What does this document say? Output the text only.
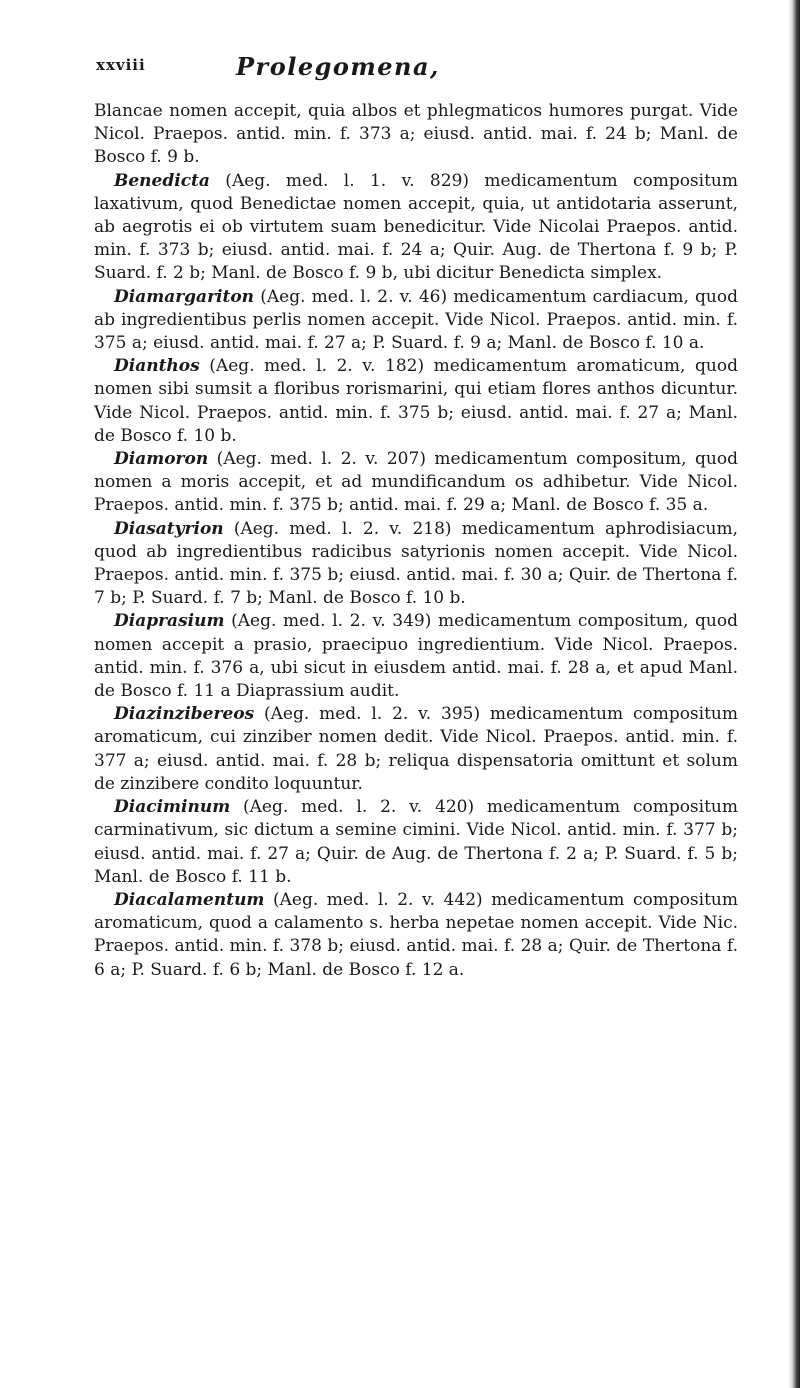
xxviii	Prolegomena,

Blancae nomen accepit, quia albos et phlegmaticos humores purgat. Vide Nicol. Praepos. antid. min. f. 373 a; eiusd. antid. mai. f. 24 b; Manl. de Bosco f. 9 b.

Benedicta (Aeg. med. l. 1. v. 829) medicamentum compositum laxativum, quod Benedictae nomen accepit, quia, ut antidotaria asserunt, ab aegrotis ei ob virtutem suam benedicitur. Vide Nicolai Praepos. antid. min. f. 373 b; eiusd. antid. mai. f. 24 a; Quir. Aug. de Thertona f. 9 b; P. Suard. f. 2 b; Manl. de Bosco f. 9 b, ubi dicitur Benedicta simplex.

Diamargariton (Aeg. med. l. 2. v. 46) medicamentum cardiacum, quod ab ingredientibus perlis nomen accepit. Vide Nicol. Praepos. antid. min. f. 375 a; eiusd. antid. mai. f. 27 a; P. Suard. f. 9 a; Manl. de Bosco f. 10 a.

Dianthos (Aeg. med. l. 2. v. 182) medicamentum aromaticum, quod nomen sibi sumsit a floribus rorismarini, qui etiam flores anthos dicuntur. Vide Nicol. Praepos. antid. min. f. 375 b; eiusd. antid. mai. f. 27 a; Manl. de Bosco f. 10 b.

Diamoron (Aeg. med. l. 2. v. 207) medicamentum compositum, quod nomen a moris accepit, et ad mundificandum os adhibetur. Vide Nicol. Praepos. antid. min. f. 375 b; antid. mai. f. 29 a; Manl. de Bosco f. 35 a.

Diasatyrion (Aeg. med. l. 2. v. 218) medicamentum aphrodisiacum, quod ab ingredientibus radicibus satyrionis nomen accepit. Vide Nicol. Praepos. antid. min. f. 375 b; eiusd. antid. mai. f. 30 a; Quir. de Thertona f. 7 b; P. Suard. f. 7 b; Manl. de Bosco f. 10 b.

Diaprasium (Aeg. med. l. 2. v. 349) medicamentum compositum, quod nomen accepit a prasio, praecipuo ingredientium. Vide Nicol. Praepos. antid. min. f. 376 a, ubi sicut in eiusdem antid. mai. f. 28 a, et apud Manl. de Bosco f. 11 a Diaprassium audit.

Diazinzibereos (Aeg. med. l. 2. v. 395) medicamentum compositum aromaticum, cui zinziber nomen dedit. Vide Nicol. Praepos. antid. min. f. 377 a; eiusd. antid. mai. f. 28 b; reliqua dispensatoria omittunt et solum de zinzibere condito loquuntur.

Diaciminum (Aeg. med. l. 2. v. 420) medicamentum compositum carminativum, sic dictum a semine cimini. Vide Nicol. antid. min. f. 377 b; eiusd. antid. mai. f. 27 a; Quir. de Aug. de Thertona f. 2 a; P. Suard. f. 5 b; Manl. de Bosco f. 11 b.

Diacalamentum (Aeg. med. l. 2. v. 442) medicamentum compositum aromaticum, quod a calamento s. herba nepetae nomen accepit. Vide Nic. Praepos. antid. min. f. 378 b; eiusd. antid. mai. f. 28 a; Quir. de Thertona f. 6 a; P. Suard. f. 6 b; Manl. de Bosco f. 12 a.
